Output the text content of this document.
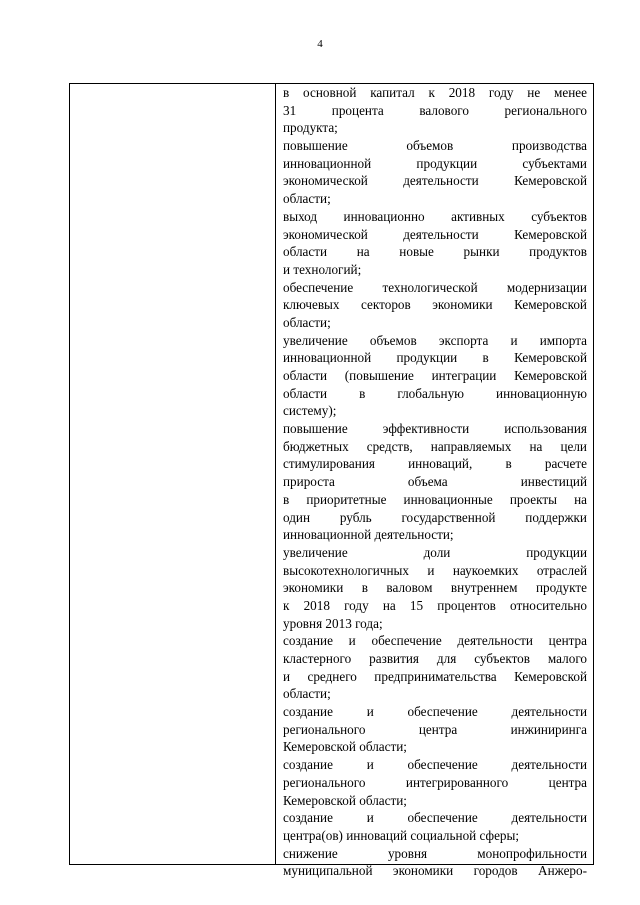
4
в основной капитал к 2018 году не менее
31 процента валового регионального
продукта;
повышение объемов производства
инновационной продукции субъектами
экономической деятельности Кемеровской
области;
выход инновационно активных субъектов
экономической деятельности Кемеровской
области на новые рынки продуктов
и технологий;
обеспечение технологической модернизации
ключевых секторов экономики Кемеровской
области;
увеличение объемов экспорта и импорта
инновационной продукции в Кемеровской
области (повышение интеграции Кемеровской
области в глобальную инновационную
систему);
повышение эффективности использования
бюджетных средств, направляемых на цели
стимулирования инноваций, в расчете
прироста объема инвестиций
в приоритетные инновационные проекты на
один рубль государственной поддержки
инновационной деятельности;
увеличение доли продукции
высокотехнологичных и наукоемких отраслей
экономики в валовом внутреннем продукте
к 2018 году на 15 процентов относительно
уровня 2013 года;
создание и обеспечение деятельности центра
кластерного развития для субъектов малого
и среднего предпринимательства Кемеровской
области;
создание и обеспечение деятельности
регионального центра инжиниринга
Кемеровской области;
создание и обеспечение деятельности
регионального интегрированного центра
Кемеровской области;
создание и обеспечение деятельности
центра(ов) инноваций социальной сферы;
снижение уровня монопрофильности
муниципальной экономики городов Анжеро-
